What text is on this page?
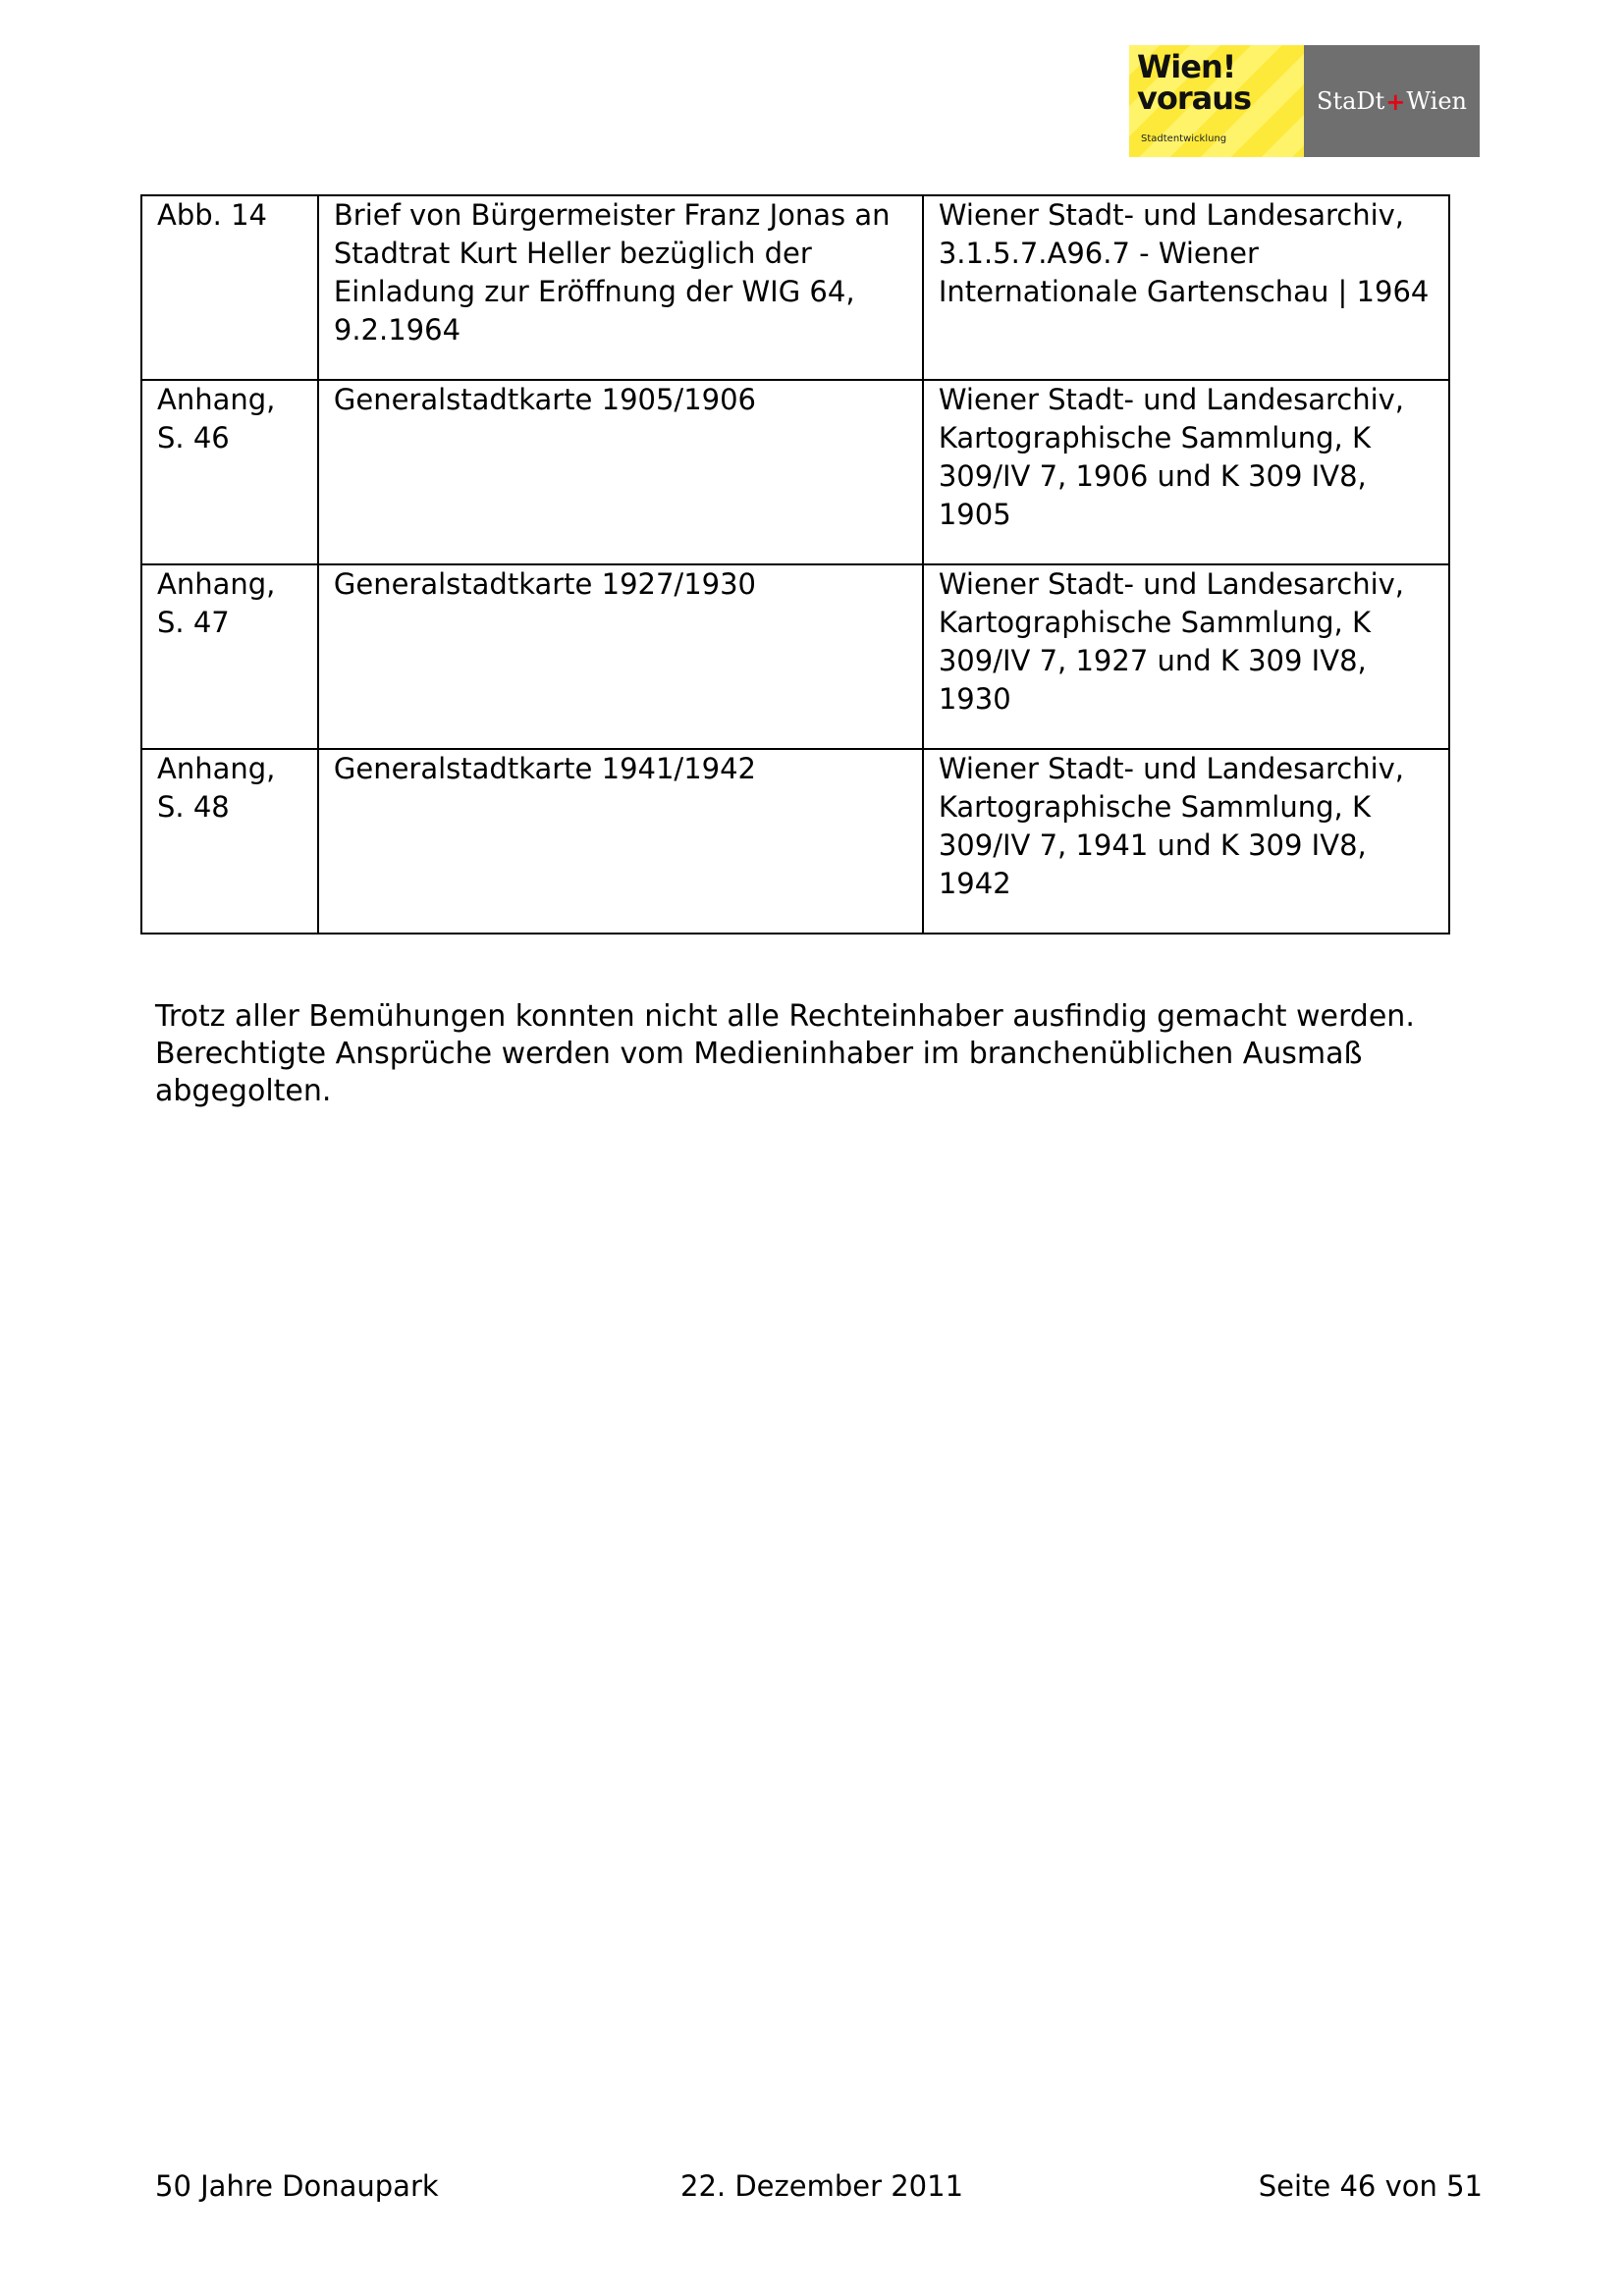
Wien!
voraus
Stadtentwicklung
StaDt + Wien
Abb. 14	Brief von Bürgermeister Franz Jonas an Stadtrat Kurt Heller bezüglich der Einladung zur Eröffnung der WIG 64, 9.2.1964	Wiener Stadt- und Landesarchiv, 3.1.5.7.A96.7 - Wiener Internationale Gartenschau | 1964
Anhang, S. 46	Generalstadtkarte 1905/1906	Wiener Stadt- und Landesarchiv, Kartographische Sammlung, K 309/IV 7, 1906 und K 309 IV8, 1905
Anhang, S. 47	Generalstadtkarte 1927/1930	Wiener Stadt- und Landesarchiv, Kartographische Sammlung, K 309/IV 7, 1927 und K 309 IV8, 1930
Anhang, S. 48	Generalstadtkarte 1941/1942	Wiener Stadt- und Landesarchiv, Kartographische Sammlung, K 309/IV 7, 1941 und K 309 IV8, 1942

Trotz aller Bemühungen konnten nicht alle Rechteinhaber ausfindig gemacht werden. Berechtigte Ansprüche werden vom Medieninhaber im branchenüblichen Ausmaß abgegolten.

50 Jahre Donaupark	22. Dezember 2011	Seite 46 von 51
